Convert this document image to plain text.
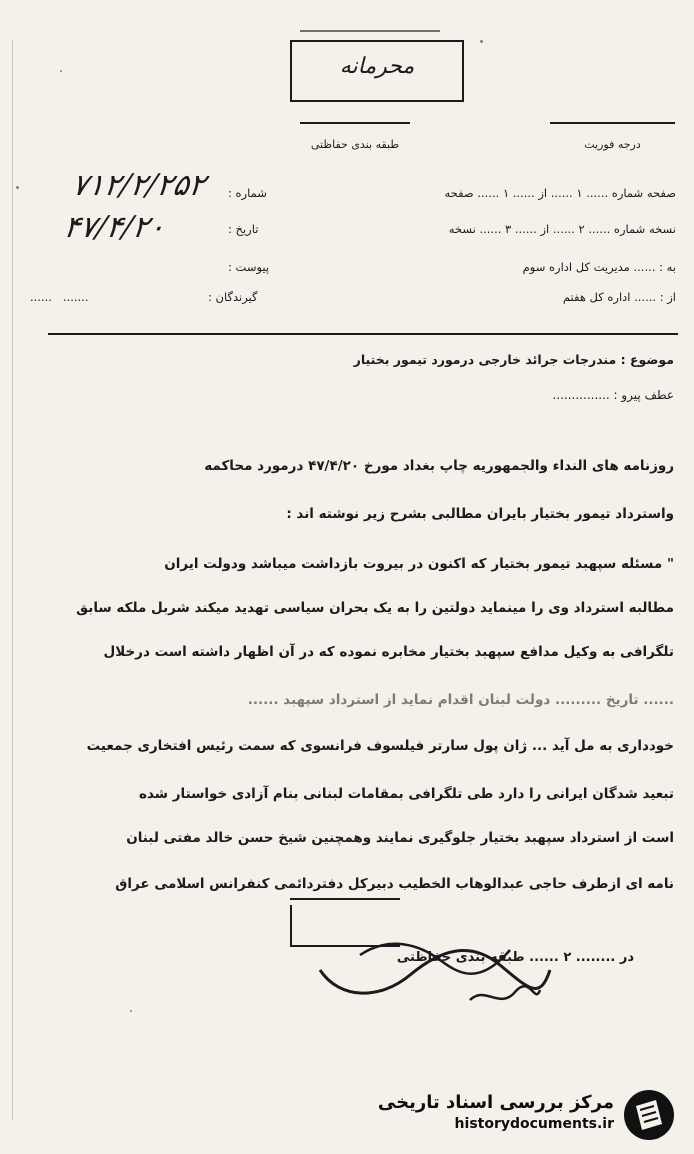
محرمانه
طبقه بندی حفاظتی	درجه فوریت
صفحه شماره ...... ۱ ...... از ...... ۱ ...... صفحه
نسخه شماره ...... ۲ ...... از ...... ۳ ...... نسخه
به : ...... مدیریت کل اداره سوم
از : ...... اداره کل هفتم
شماره :
۷۱۲/۲/۲۵۲
تاریخ :
۴۷/۴/۲۰
پیوست :
گیرندگان :
.......   ......
موضوع : مندرجات جرائد خارجی درمورد تیمور بختیار
عطف پیرو : ...............
روزنامه های النداء والجمهوریه چاپ بغداد مورخ ۴۷/۴/۲۰ درمورد محاکمه
واسترداد تیمور بختیار بایران مطالبی بشرح زیر نوشته اند :
" مسئله سپهبد تیمور بختیار که اکنون در بیروت بازداشت میباشد ودولت ایران
مطالبه استرداد وی را مینماید دولتین را به یک بحران سیاسی تهدید میکند شربل ملکه سابق
تلگرافی به وکیل مدافع سپهبد بختیار مخابره نموده که در آن اظهار داشته است درخلال
...... تاریخ ......... دولت لبنان اقدام نماید از استرداد سپهبد ......
خودداری به مل آید ... ژان پول سارتر فیلسوف فرانسوی که سمت رئیس افتخاری جمعیت
تبعید شدگان ایرانی را دارد طی تلگرافی بمقامات لبنانی بنام آزادی خواستار شده
است از استرداد سپهبد بختیار جلوگیری نمایند وهمچنین شیخ حسن خالد مفتی لبنان
نامه ای ازطرف حاجی عبدالوهاب الخطیب دبیرکل دفتردائمی کنفرانس اسلامی عراق
در ........ ۲ ...... طبقه بندی حفاظتی
مرکز بررسی اسناد تاریخی
historydocuments.ir
